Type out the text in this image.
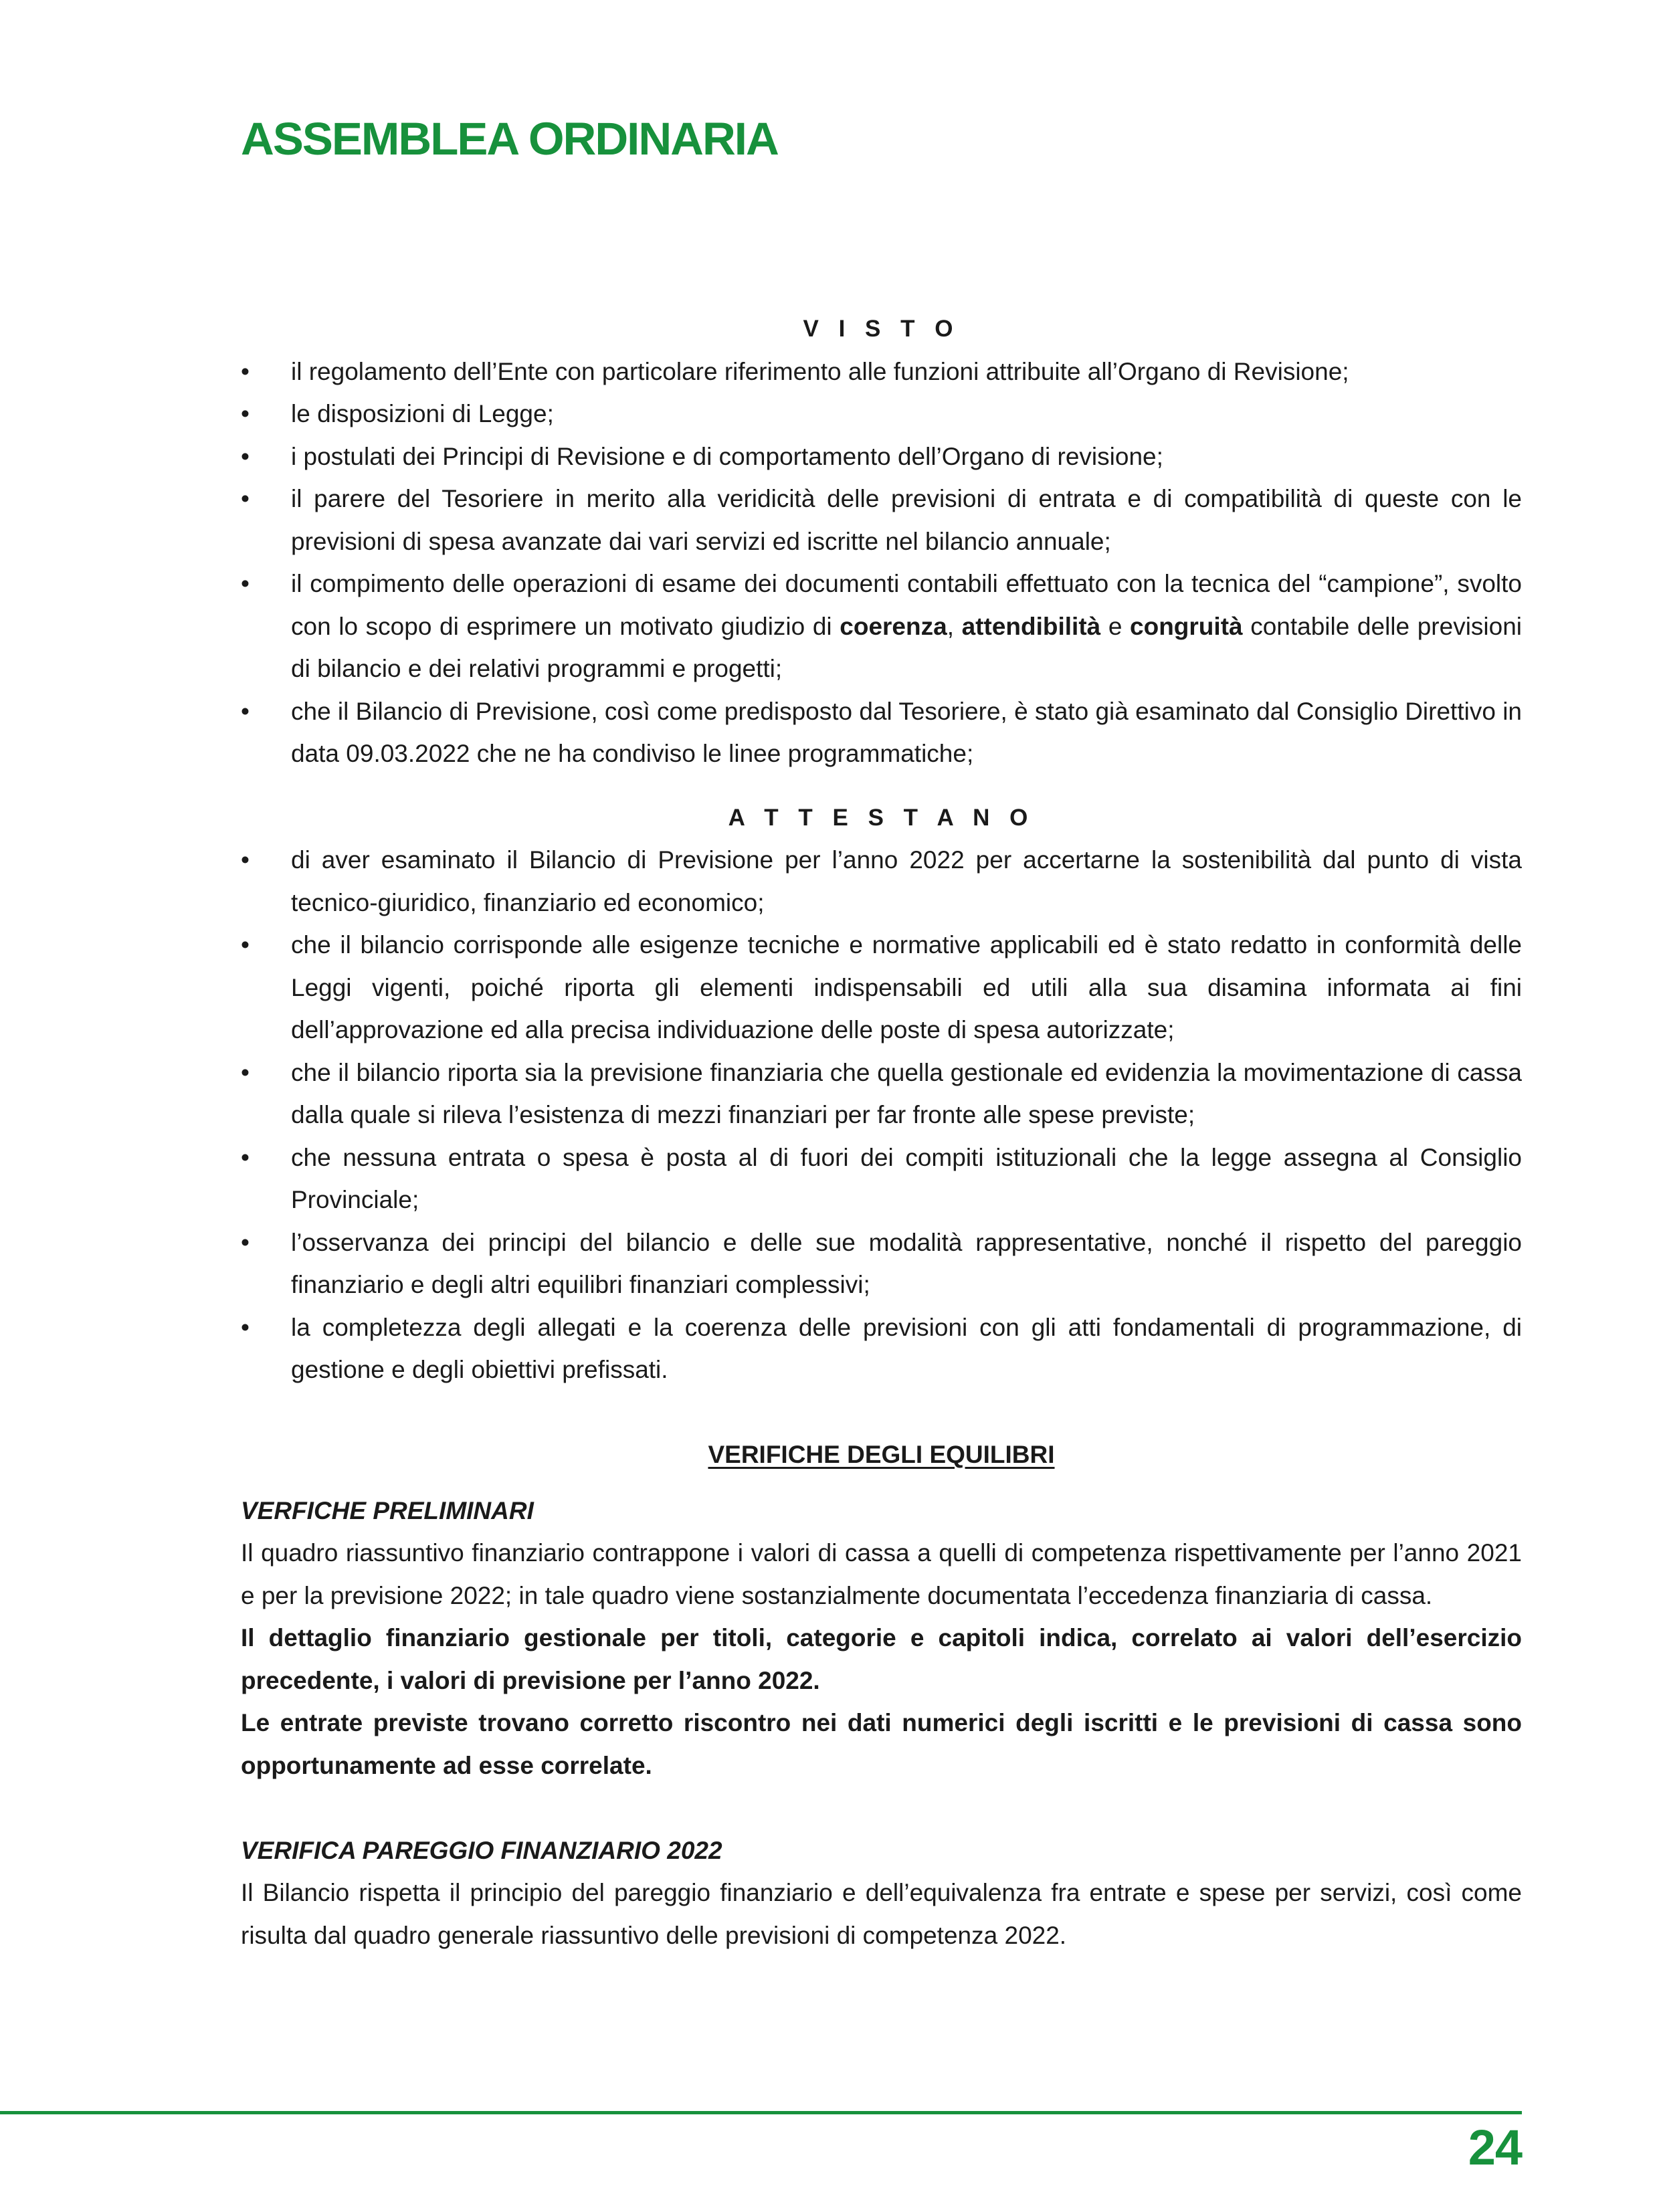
ASSEMBLEA ORDINARIA
V I S T O
• il regolamento dell’Ente con particolare riferimento alle funzioni attribuite all’Organo di Revisione;
• le disposizioni di Legge;
• i postulati dei Principi di Revisione e di comportamento dell’Organo di revisione;
• il parere del Tesoriere in merito alla veridicità delle previsioni di entrata e di compatibilità di queste con le previsioni di spesa avanzate dai vari servizi ed iscritte nel bilancio annuale;
• il compimento delle operazioni di esame dei documenti contabili effettuato con la tecnica del “campione”, svolto con lo scopo di esprimere un motivato giudizio di coerenza, attendibilità e congruità contabile delle previsioni di bilancio e dei relativi programmi e progetti;
• che il Bilancio di Previsione, così come predisposto dal Tesoriere, è stato già esaminato dal Consiglio Direttivo in data 09.03.2022 che ne ha condiviso le linee programmatiche;
A T T E S T A N O
• di aver esaminato il Bilancio di Previsione per l’anno 2022 per accertarne la sostenibilità dal punto di vista tecnico-giuridico, finanziario ed economico;
• che il bilancio corrisponde alle esigenze tecniche e normative applicabili ed è stato redatto in conformità delle Leggi vigenti, poiché riporta gli elementi indispensabili ed utili alla sua disamina informata ai fini dell’approvazione ed alla precisa individuazione delle poste di spesa autorizzate;
• che il bilancio riporta sia la previsione finanziaria che quella gestionale ed evidenzia la movimentazione di cassa dalla quale si rileva l’esistenza di mezzi finanziari per far fronte alle spese previste;
• che nessuna entrata o spesa è posta al di fuori dei compiti istituzionali che la legge assegna al Consiglio Provinciale;
• l’osservanza dei principi del bilancio e delle sue modalità rappresentative, nonché il rispetto del pareggio finanziario e degli altri equilibri finanziari complessivi;
• la completezza degli allegati e la coerenza delle previsioni con gli atti fondamentali di programmazione, di gestione e degli obiettivi prefissati.
VERIFICHE DEGLI EQUILIBRI
VERFICHE PRELIMINARI

Il quadro riassuntivo finanziario contrappone i valori di cassa a quelli di competenza rispettivamente per l’anno 2021 e per la previsione 2022; in tale quadro viene sostanzialmente documentata l’eccedenza finanziaria di cassa.

Il dettaglio finanziario gestionale per titoli, categorie e capitoli indica, correlato ai valori dell’esercizio precedente, i valori di previsione per l’anno 2022.

Le entrate previste trovano corretto riscontro nei dati numerici degli iscritti e le previsioni di cassa sono opportunamente ad esse correlate.

VERIFICA PAREGGIO FINANZIARIO 2022

Il Bilancio rispetta il principio del pareggio finanziario e dell’equivalenza fra entrate e spese per servizi, così come risulta dal quadro generale riassuntivo delle previsioni di competenza 2022.

24
